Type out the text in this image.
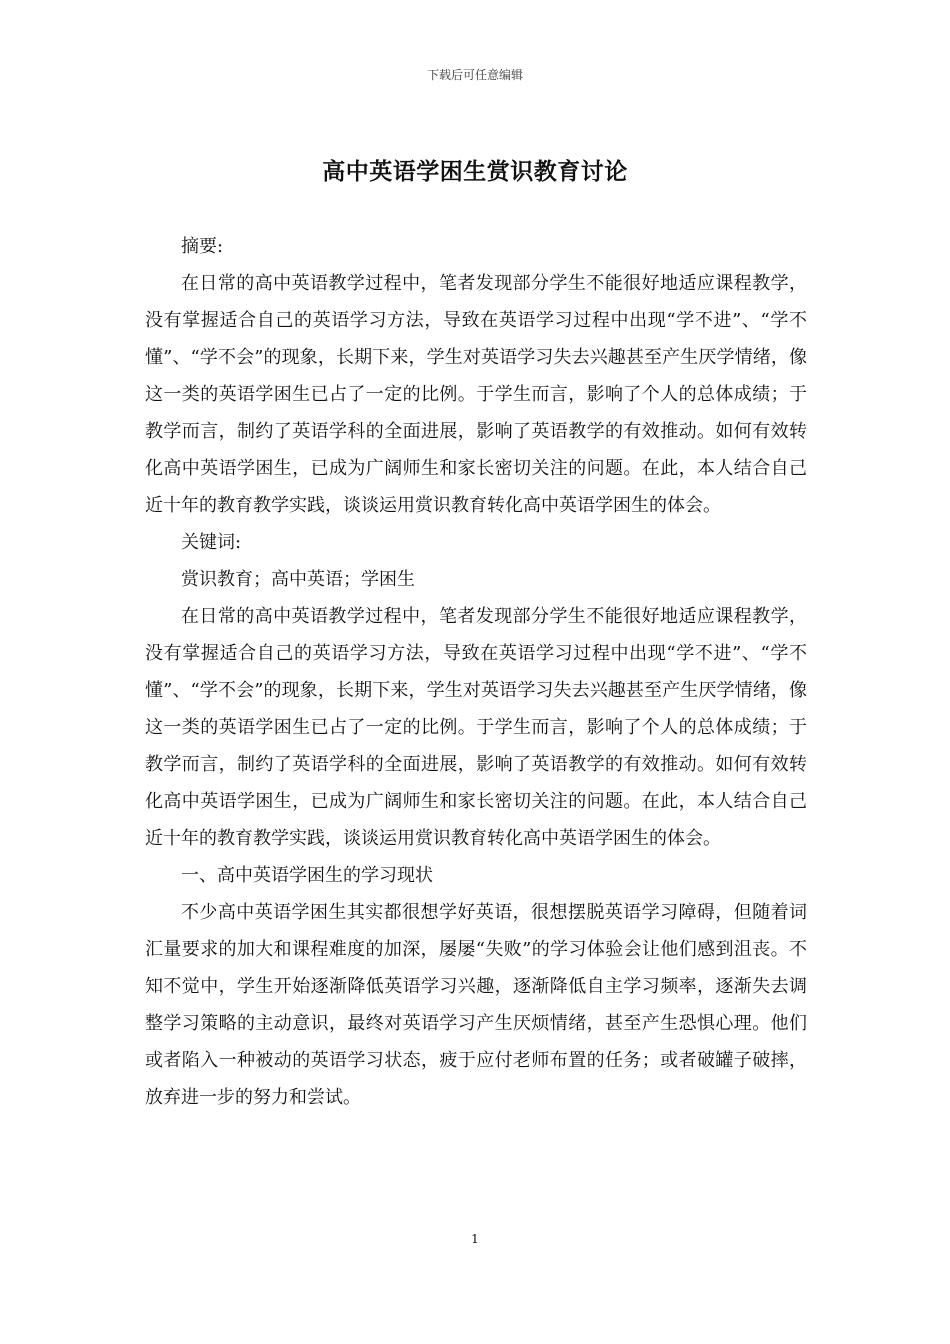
下载后可任意编辑
高中英语学困生赏识教育讨论

摘要:

在日常的高中英语教学过程中，笔者发现部分学生不能很好地适应课程教学，没有掌握适合自己的英语学习方法，导致在英语学习过程中出现“学不进”、“学不懂”、“学不会”的现象，长期下来，学生对英语学习失去兴趣甚至产生厌学情绪，像这一类的英语学困生已占了一定的比例。于学生而言，影响了个人的总体成绩；于教学而言，制约了英语学科的全面进展，影响了英语教学的有效推动。如何有效转化高中英语学困生，已成为广阔师生和家长密切关注的问题。在此，本人结合自己近十年的教育教学实践，谈谈运用赏识教育转化高中英语学困生的体会。

关键词:

赏识教育；高中英语；学困生

在日常的高中英语教学过程中，笔者发现部分学生不能很好地适应课程教学，没有掌握适合自己的英语学习方法，导致在英语学习过程中出现“学不进”、“学不懂”、“学不会”的现象，长期下来，学生对英语学习失去兴趣甚至产生厌学情绪，像这一类的英语学困生已占了一定的比例。于学生而言，影响了个人的总体成绩；于教学而言，制约了英语学科的全面进展，影响了英语教学的有效推动。如何有效转化高中英语学困生，已成为广阔师生和家长密切关注的问题。在此，本人结合自己近十年的教育教学实践，谈谈运用赏识教育转化高中英语学困生的体会。

一、高中英语学困生的学习现状

不少高中英语学困生其实都很想学好英语，很想摆脱英语学习障碍，但随着词汇量要求的加大和课程难度的加深，屡屡“失败”的学习体验会让他们感到沮丧。不知不觉中，学生开始逐渐降低英语学习兴趣，逐渐降低自主学习频率，逐渐失去调整学习策略的主动意识，最终对英语学习产生厌烦情绪，甚至产生恐惧心理。他们或者陷入一种被动的英语学习状态，疲于应付老师布置的任务；或者破罐子破摔，放弃进一步的努力和尝试。

1
